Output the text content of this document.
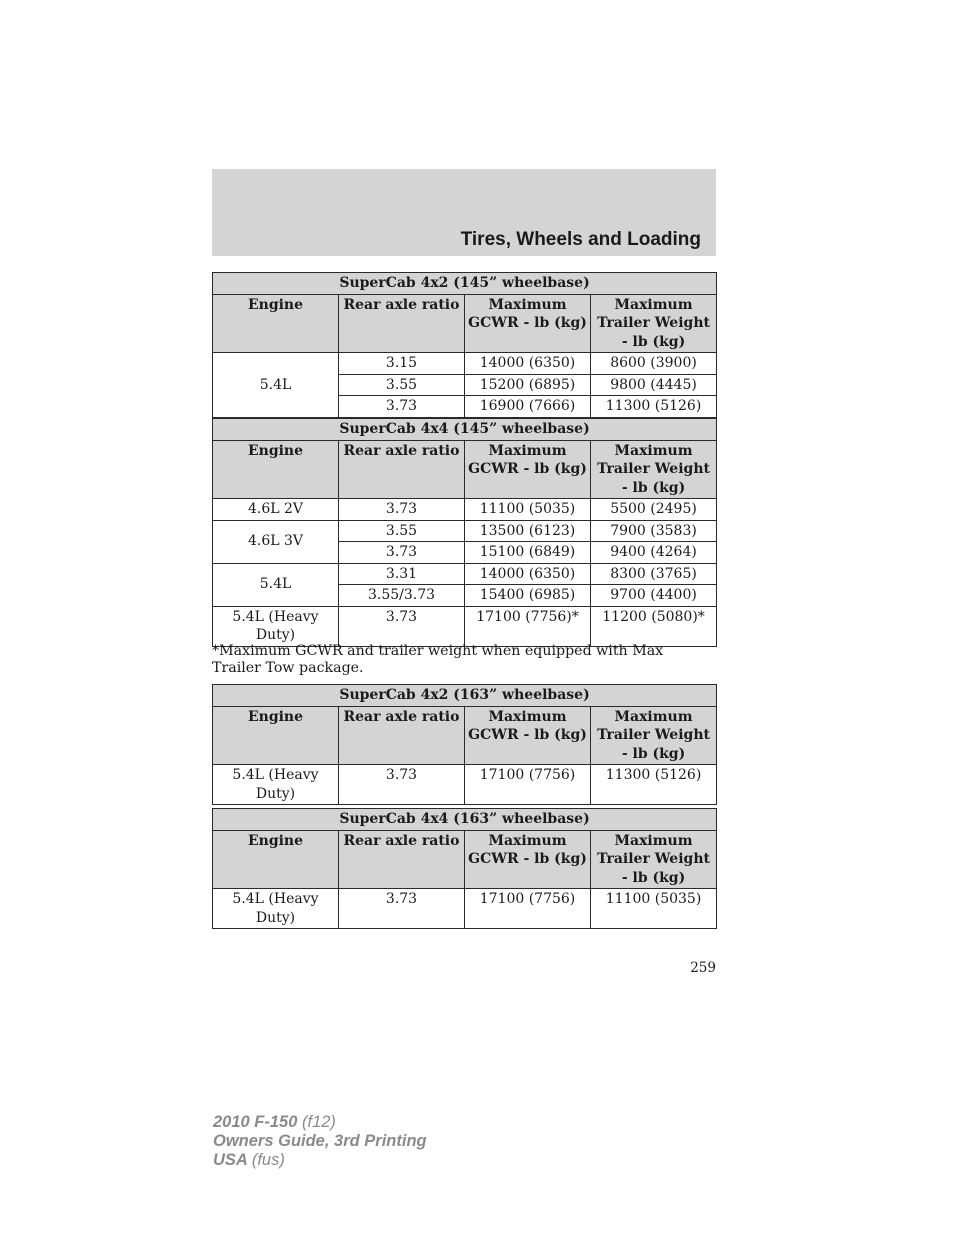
Tires, Wheels and Loading
SuperCab 4x2 (145” wheelbase)			
Engine	Rear axle ratio	Maximum GCWR - lb (kg)	Maximum Trailer Weight - lb (kg)
5.4L	3.15	14000 (6350)	8600 (3900)
	3.55	15200 (6895)	9800 (4445)
	3.73	16900 (7666)	11300 (5126)
SuperCab 4x4 (145” wheelbase)			
Engine	Rear axle ratio	Maximum GCWR - lb (kg)	Maximum Trailer Weight - lb (kg)
4.6L 2V	3.73	11100 (5035)	5500 (2495)
4.6L 3V	3.55	13500 (6123)	7900 (3583)
	3.73	15100 (6849)	9400 (4264)
5.4L	3.31	14000 (6350)	8300 (3765)
	3.55/3.73	15400 (6985)	9700 (4400)
5.4L (Heavy Duty)	3.73	17100 (7756)*	11200 (5080)*

*Maximum GCWR and trailer weight when equipped with Max Trailer Tow package.

SuperCab 4x2 (163” wheelbase)			
Engine	Rear axle ratio	Maximum GCWR - lb (kg)	Maximum Trailer Weight - lb (kg)
5.4L (Heavy Duty)	3.73	17100 (7756)	11300 (5126)
SuperCab 4x4 (163” wheelbase)			
Engine	Rear axle ratio	Maximum GCWR - lb (kg)	Maximum Trailer Weight - lb (kg)
5.4L (Heavy Duty)	3.73	17100 (7756)	11100 (5035)

259

2010 F-150 (f12)
Owners Guide, 3rd Printing
USA (fus)
